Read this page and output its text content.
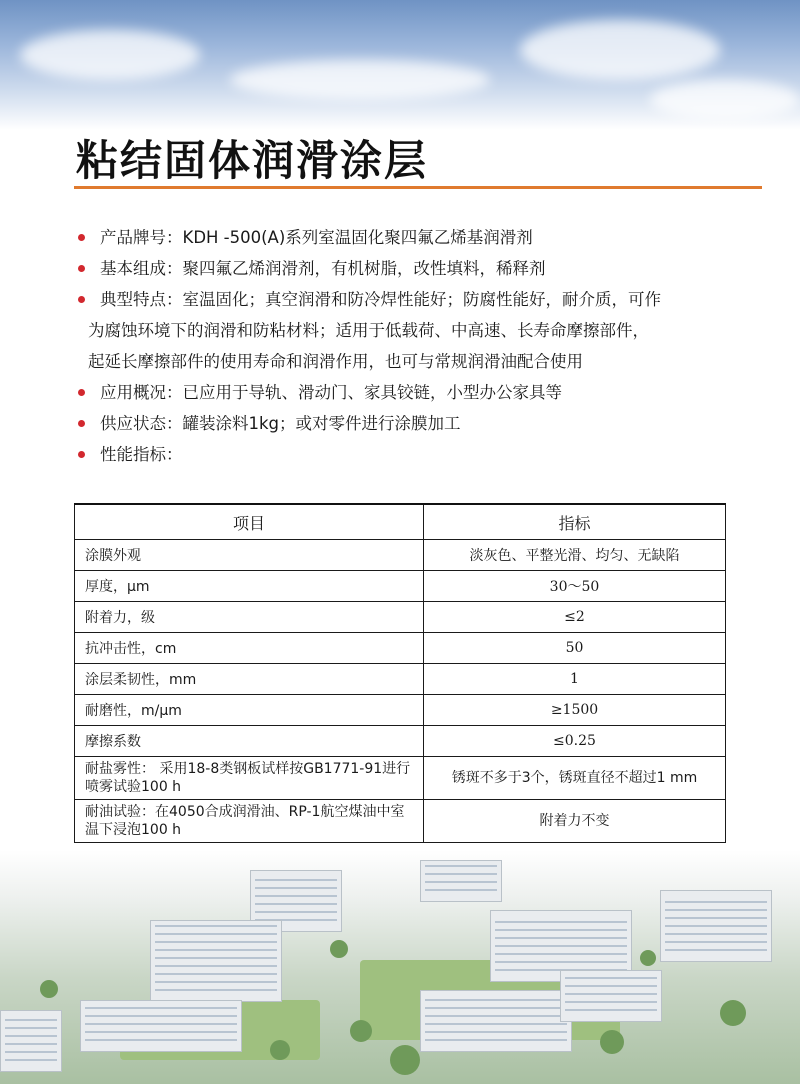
粘结固体润滑涂层
产品牌号：KDH -500(A)系列室温固化聚四氟乙烯基润滑剂
基本组成：聚四氟乙烯润滑剂，有机树脂，改性填料，稀释剂
典型特点：室温固化；真空润滑和防冷焊性能好；防腐性能好，耐介质，可作
为腐蚀环境下的润滑和防粘材料；适用于低载荷、中高速、长寿命摩擦部件，
起延长摩擦部件的使用寿命和润滑作用，也可与常规润滑油配合使用
应用概况：已应用于导轨、滑动门、家具铰链，小型办公家具等
供应状态：罐装涂料1kg；或对零件进行涂膜加工
性能指标：
项目	指标
涂膜外观	淡灰色、平整光滑、均匀、无缺陷
厚度，μm	30～50
附着力，级	≤2
抗冲击性，cm	50
涂层柔韧性，mm	1
耐磨性，m/μm	≥1500
摩擦系数	≤0.25
耐盐雾性： 采用18-8类钢板试样按GB1771-91进行喷雾试验100 h	锈斑不多于3个，锈斑直径不超过1 mm
耐油试验：在4050合成润滑油、RP-1航空煤油中室温下浸泡100 h	附着力不变
